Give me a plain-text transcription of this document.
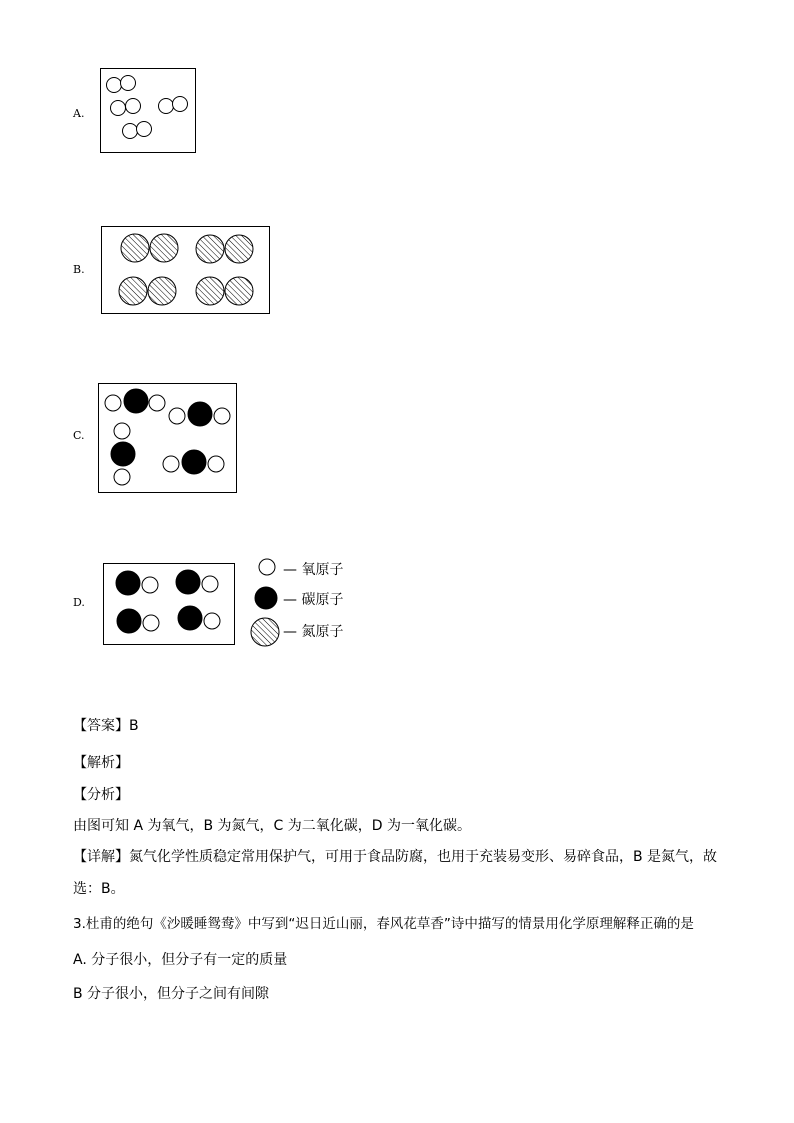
A.
B.
C.
D.
— 氧原子
— 碳原子
— 氮原子
【答案】B
【解析】
【分析】
由图可知 A 为氧气，B 为氮气，C 为二氧化碳，D 为一氧化碳。
【详解】氮气化学性质稳定常用保护气，可用于食品防腐，也用于充装易变形、易碎食品，B 是氮气，故
选：B。
3.杜甫的绝句《沙暖睡鸳鸯》中写到“迟日近山丽，春风花草香”诗中描写的情景用化学原理解释正确的是
A. 分子很小，但分子有一定的质量
B 分子很小，但分子之间有间隙
